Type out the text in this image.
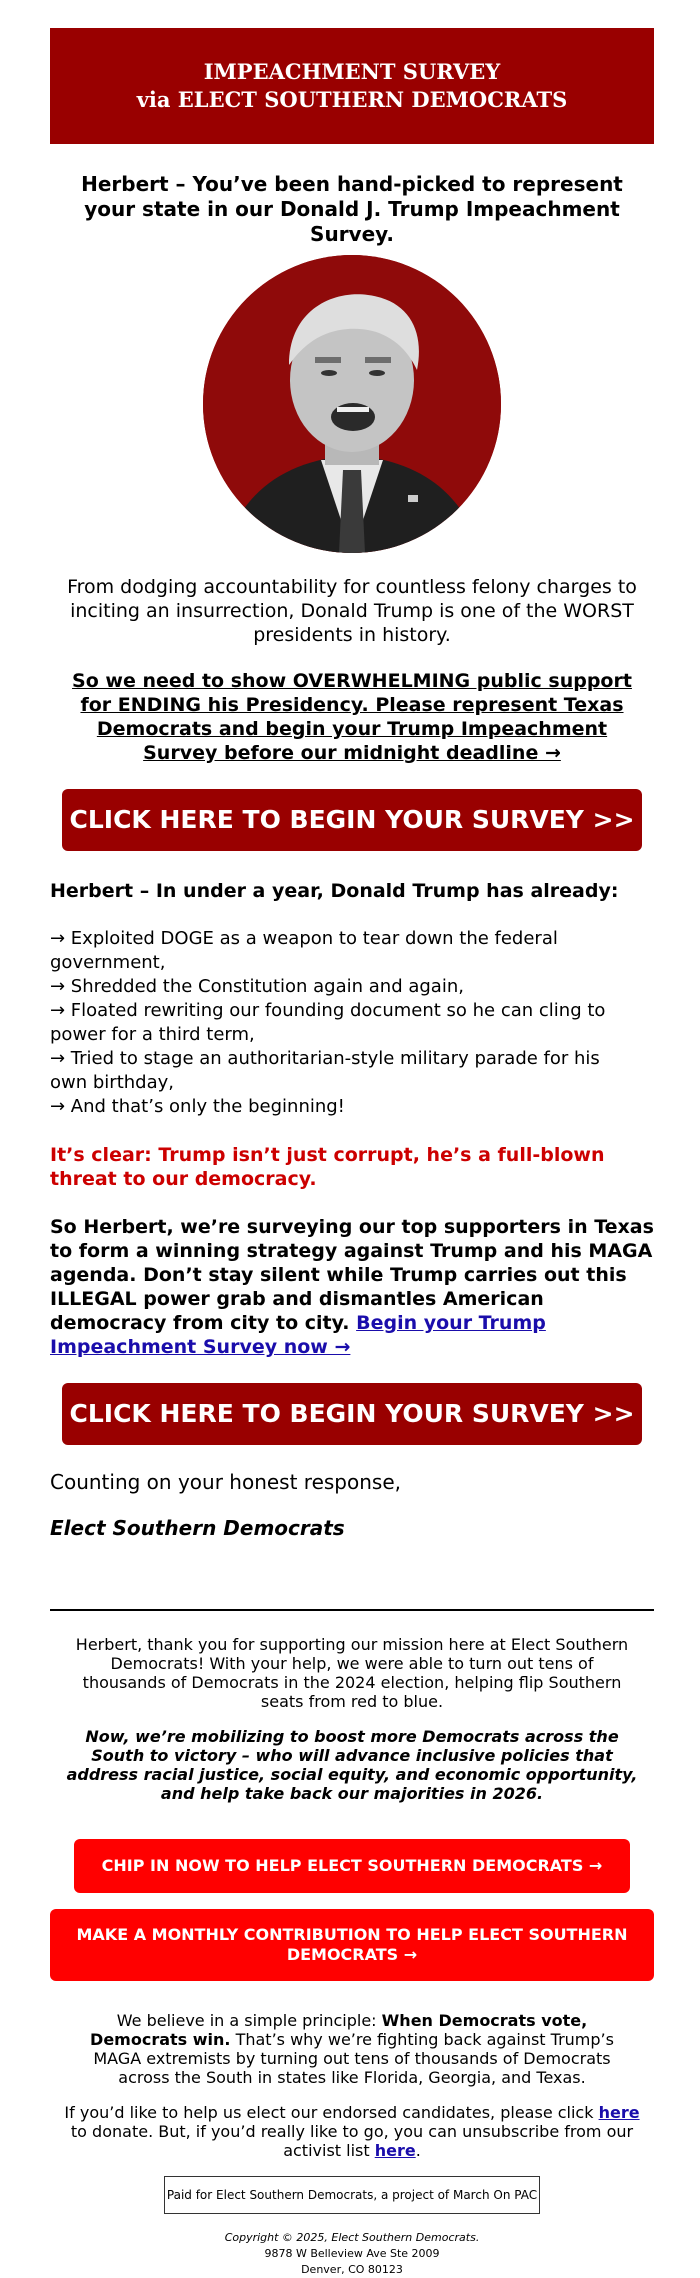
IMPEACHMENT SURVEY
via ELECT SOUTHERN DEMOCRATS
Herbert – You’ve been hand-picked to represent your state in our Donald J. Trump Impeachment Survey.
From dodging accountability for countless felony charges to inciting an insurrection, Donald Trump is one of the WORST presidents in history.
So we need to show OVERWHELMING public support for ENDING his Presidency. Please represent Texas Democrats and begin your Trump Impeachment Survey before our midnight deadline →
CLICK HERE TO BEGIN YOUR SURVEY >>
Herbert – In under a year, Donald Trump has already:
→ Exploited DOGE as a weapon to tear down the federal government,
→ Shredded the Constitution again and again,
→ Floated rewriting our founding document so he can cling to power for a third term,
→ Tried to stage an authoritarian-style military parade for his own birthday,
→ And that’s only the beginning!
It’s clear: Trump isn’t just corrupt, he’s a full-blown threat to our democracy.
So Herbert, we’re surveying our top supporters in Texas to form a winning strategy against Trump and his MAGA agenda. Don’t stay silent while Trump carries out this ILLEGAL power grab and dismantles American democracy from city to city. Begin your Trump Impeachment Survey now →
CLICK HERE TO BEGIN YOUR SURVEY >>
Counting on your honest response,
Elect Southern Democrats
Herbert, thank you for supporting our mission here at Elect Southern Democrats! With your help, we were able to turn out tens of thousands of Democrats in the 2024 election, helping flip Southern seats from red to blue.
Now, we’re mobilizing to boost more Democrats across the South to victory – who will advance inclusive policies that address racial justice, social equity, and economic opportunity, and help take back our majorities in 2026.
CHIP IN NOW TO HELP ELECT SOUTHERN DEMOCRATS →
MAKE A MONTHLY CONTRIBUTION TO HELP ELECT SOUTHERN DEMOCRATS →
We believe in a simple principle: When Democrats vote, Democrats win. That’s why we’re fighting back against Trump’s MAGA extremists by turning out tens of thousands of Democrats across the South in states like Florida, Georgia, and Texas.
If you’d like to help us elect our endorsed candidates, please click here to donate. But, if you’d really like to go, you can unsubscribe from our activist list here.
Paid for Elect Southern Democrats, a project of March On PAC
Copyright © 2025, Elect Southern Democrats.
9878 W Belleview Ave Ste 2009
Denver, CO 80123
